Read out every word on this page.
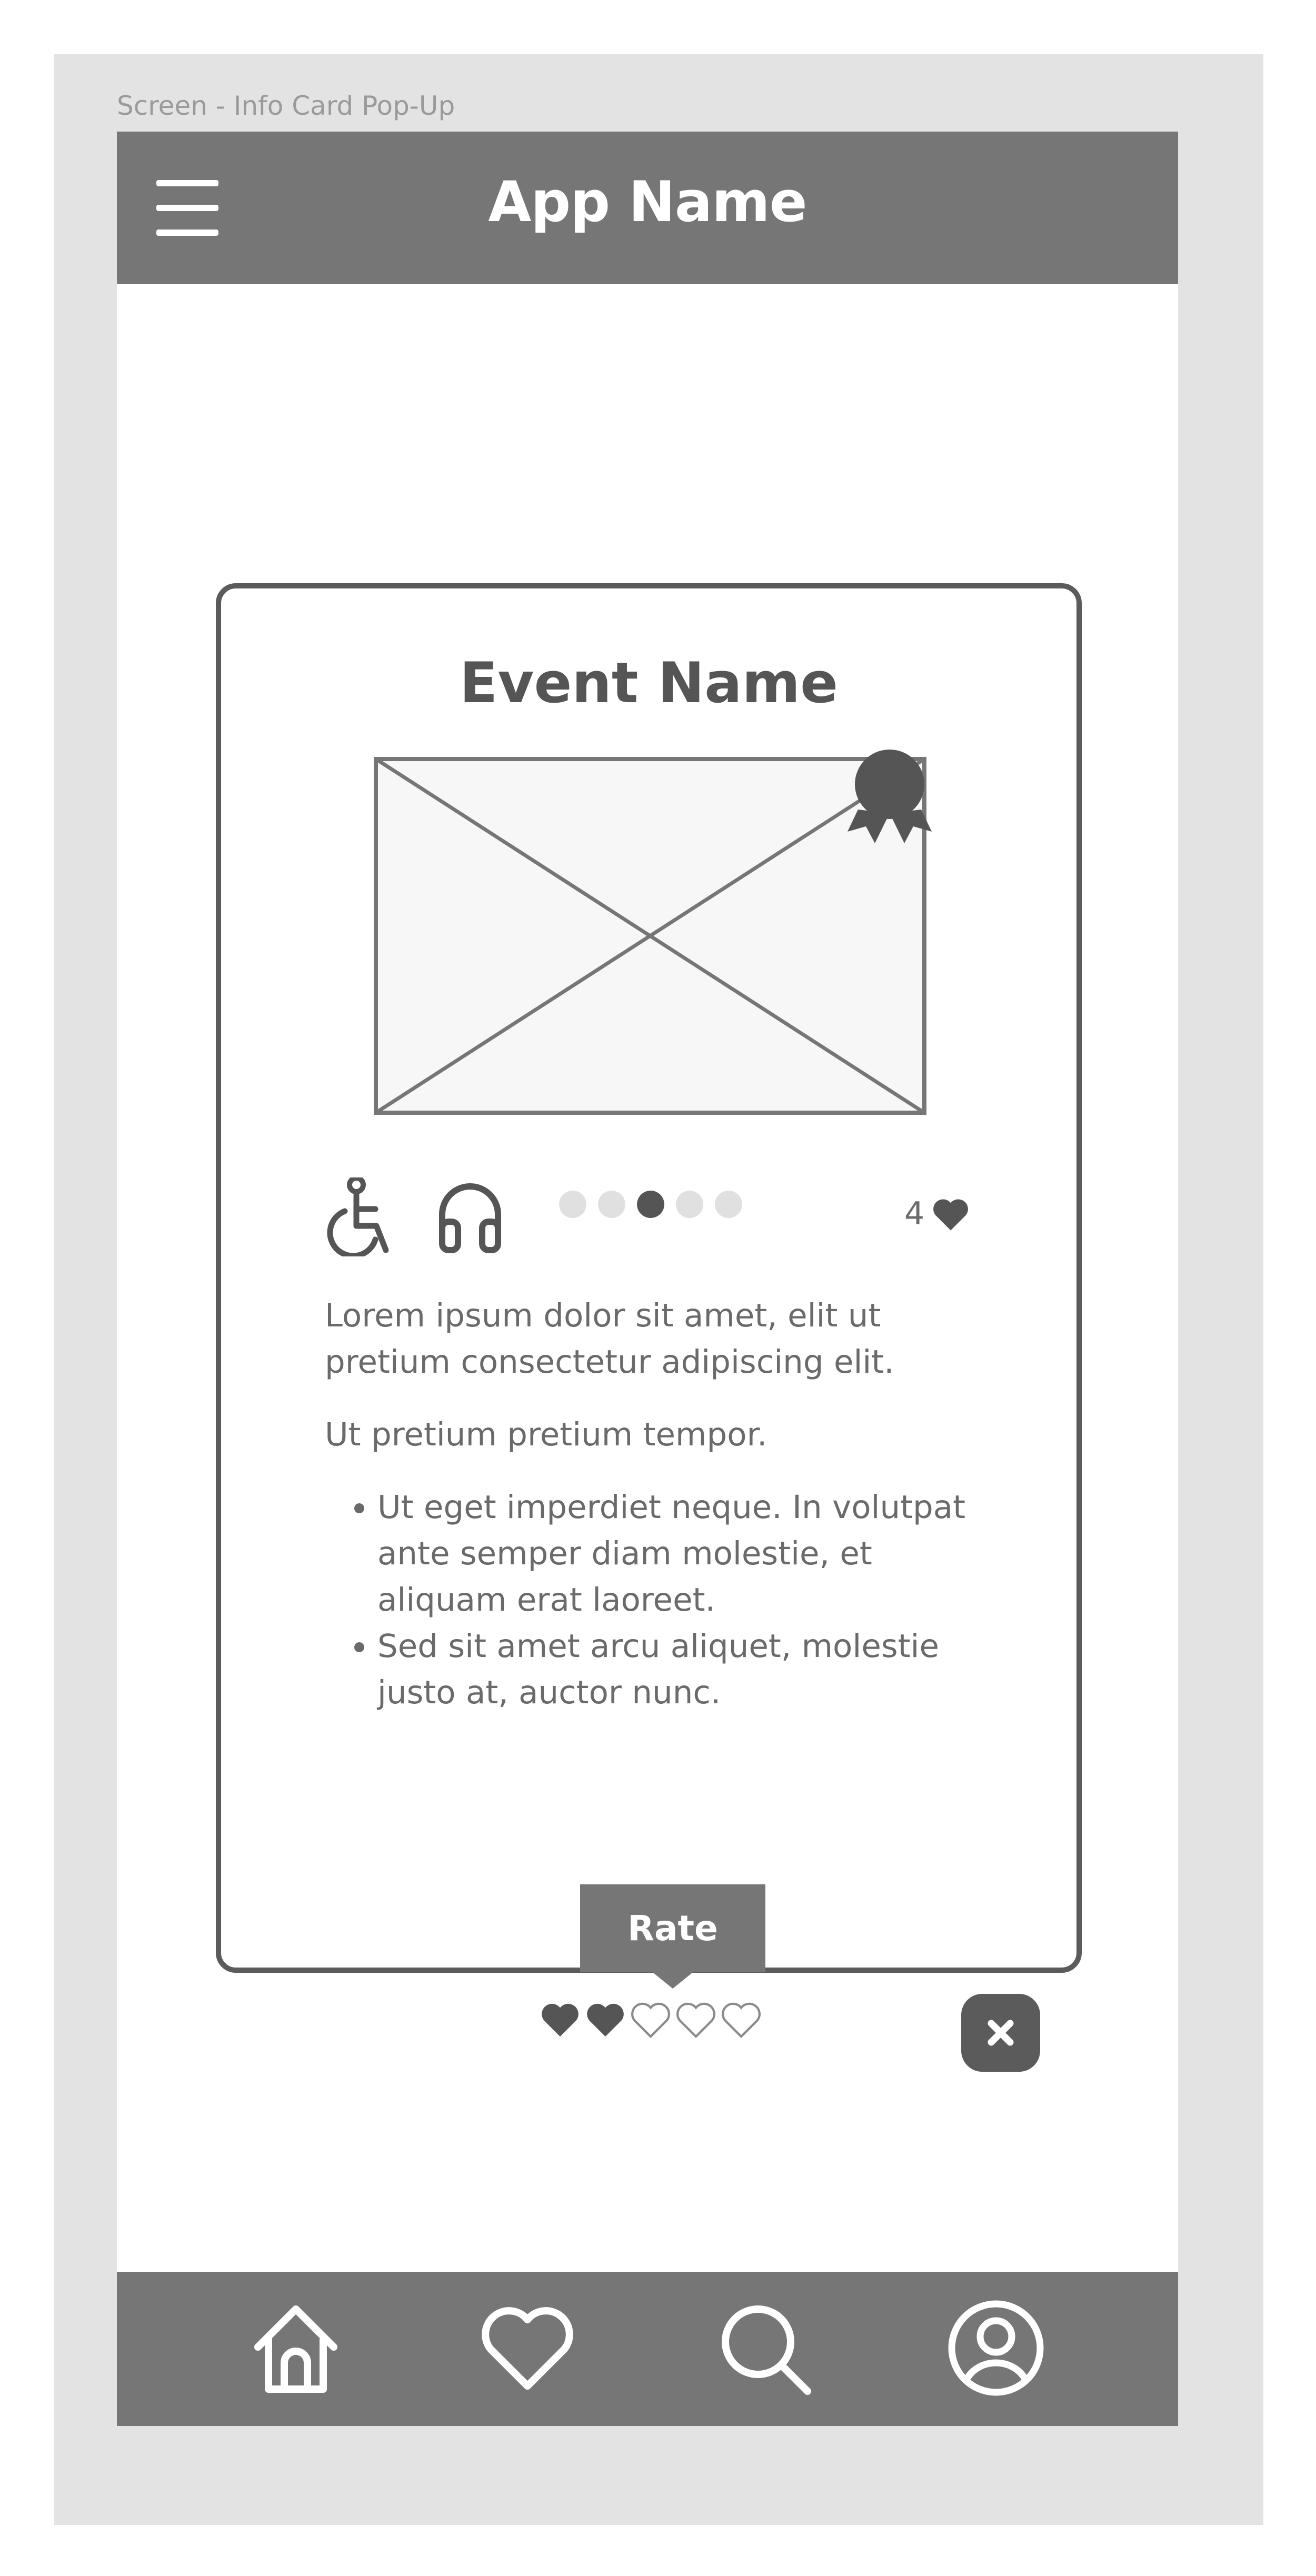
Screen - Info Card Pop-Up
App Name
Event Name
4

Lorem ipsum dolor sit amet, elit ut pretium consectetur adipiscing elit.

Ut pretium pretium tempor.

• Ut eget imperdiet neque. In volutpat ante semper diam molestie, et aliquam erat laoreet.
• Sed sit amet arcu aliquet, molestie justo at, auctor nunc.
Rate
